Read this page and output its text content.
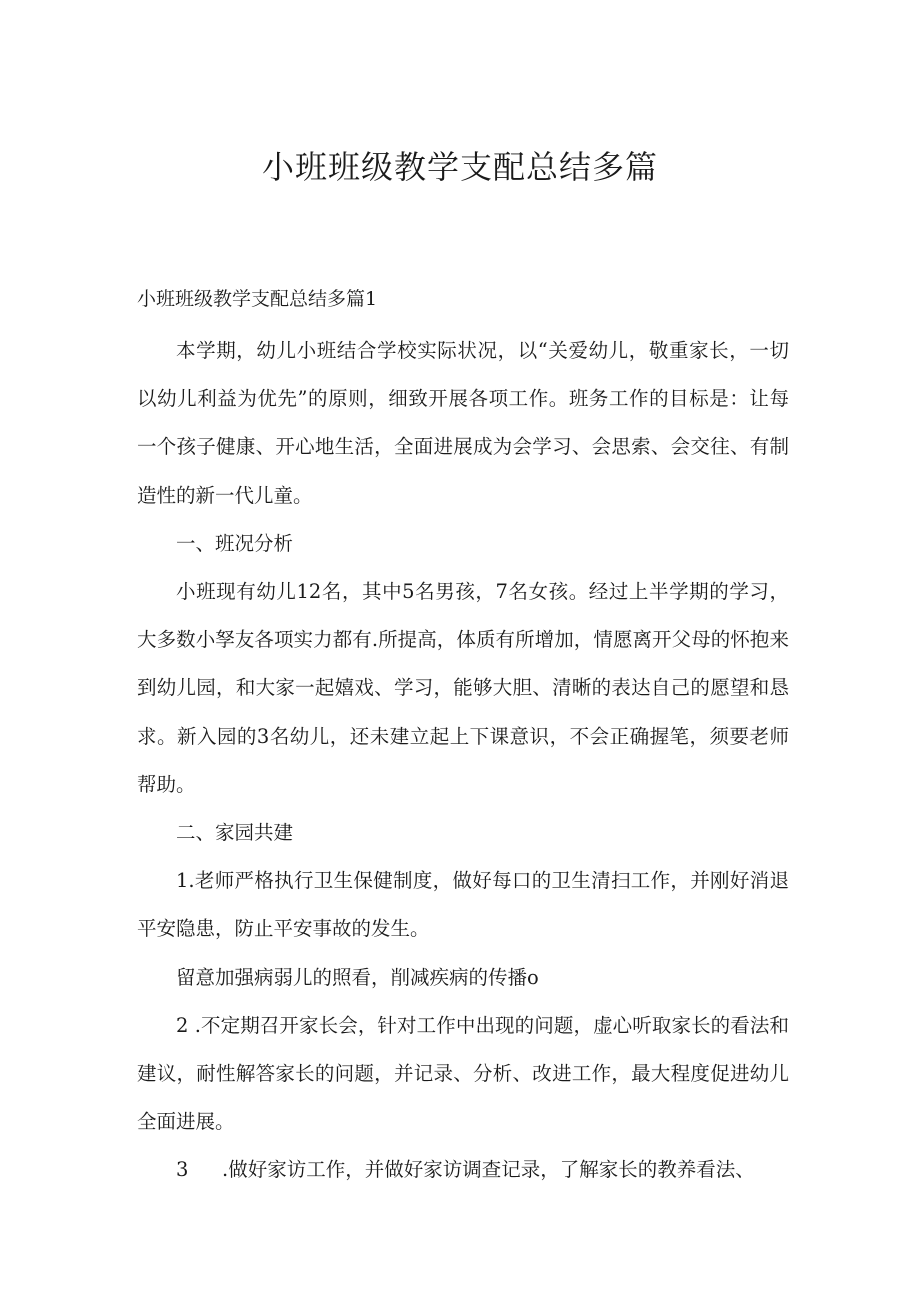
小班班级教学支配总结多篇
小班班级教学支配总结多篇1

本学期，幼儿小班结合学校实际状况，以“关爱幼儿，敬重家长，一切以幼儿利益为优先”的原则，细致开展各项工作。班务工作的目标是：让每一个孩子健康、开心地生活，全面进展成为会学习、会思索、会交往、有制造性的新一代儿童。

一、班况分析

小班现有幼儿12名，其中5名男孩，7名女孩。经过上半学期的学习，大多数小孥友各项实力都有.所提高，体质有所增加，情愿离开父母的怀抱来到幼儿园，和大家一起嬉戏、学习，能够大胆、清晰的表达自己的愿望和恳求。新入园的3名幼儿，还未建立起上下课意识，不会正确握笔，须要老师帮助。

二、家园共建

1.老师严格执行卫生保健制度，做好每口的卫生清扫工作，并刚好消退平安隐患，防止平安事故的发生。

留意加强病弱儿的照看，削减疾病的传播o

2 .不定期召开家长会，针对工作中出现的问题，虚心听取家长的看法和建议，耐性解答家长的问题，并记录、分析、改进工作，最大程度促进幼儿全面进展。

3 .做好家访工作，并做好家访调查记录，了解家长的教养看法、
